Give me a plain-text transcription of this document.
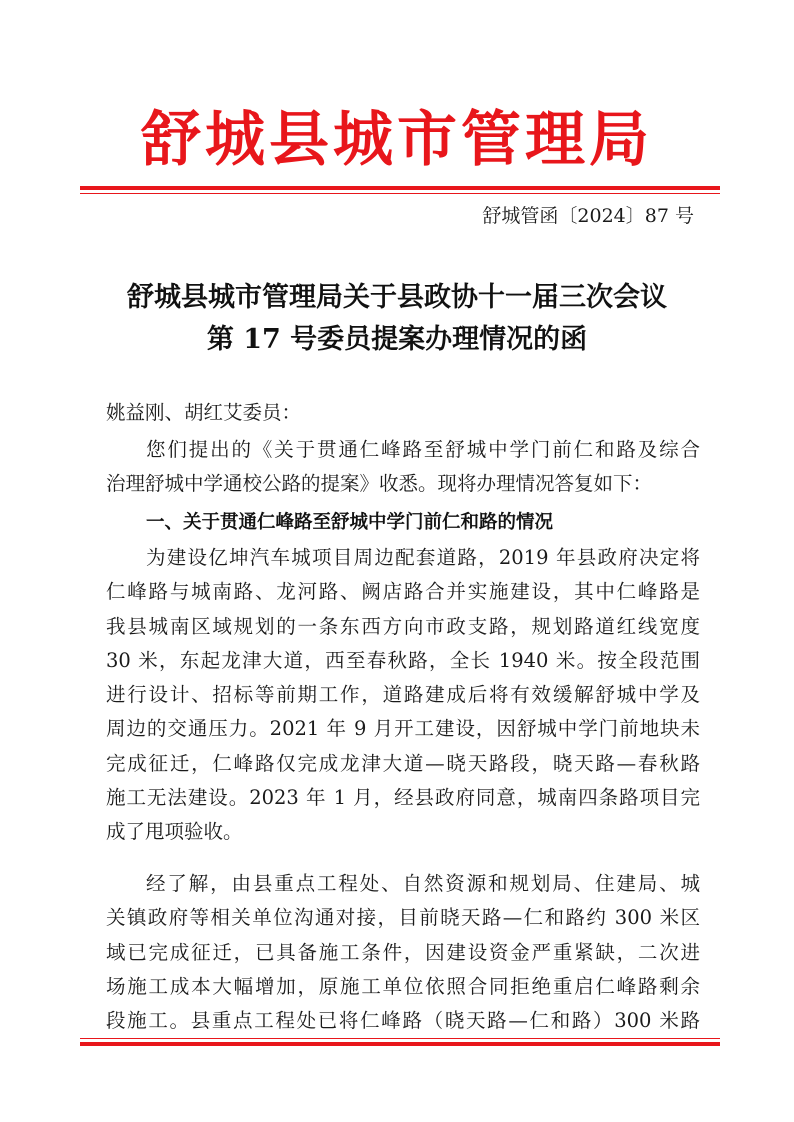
舒城县城市管理局
舒城管函〔2024〕87 号
舒城县城市管理局关于县政协十一届三次会议
第 17 号委员提案办理情况的函
姚益刚、胡红艾委员：
您们提出的《关于贯通仁峰路至舒城中学门前仁和路及综合
治理舒城中学通校公路的提案》收悉。现将办理情况答复如下：
一、关于贯通仁峰路至舒城中学门前仁和路的情况
为建设亿坤汽车城项目周边配套道路，2019 年县政府决定将
仁峰路与城南路、龙河路、阙店路合并实施建设，其中仁峰路是
我县城南区域规划的一条东西方向市政支路，规划路道红线宽度
30 米，东起龙津大道，西至春秋路，全长 1940 米。按全段范围
进行设计、招标等前期工作，道路建成后将有效缓解舒城中学及
周边的交通压力。2021 年 9 月开工建设，因舒城中学门前地块未
完成征迁，仁峰路仅完成龙津大道—晓天路段，晓天路—春秋路
施工无法建设。2023 年 1 月，经县政府同意，城南四条路项目完
成了甩项验收。
经了解，由县重点工程处、自然资源和规划局、住建局、城
关镇政府等相关单位沟通对接，目前晓天路—仁和路约 300 米区
域已完成征迁，已具备施工条件，因建设资金严重紧缺，二次进
场施工成本大幅增加，原施工单位依照合同拒绝重启仁峰路剩余
段施工。县重点工程处已将仁峰路（晓天路—仁和路）300 米路
